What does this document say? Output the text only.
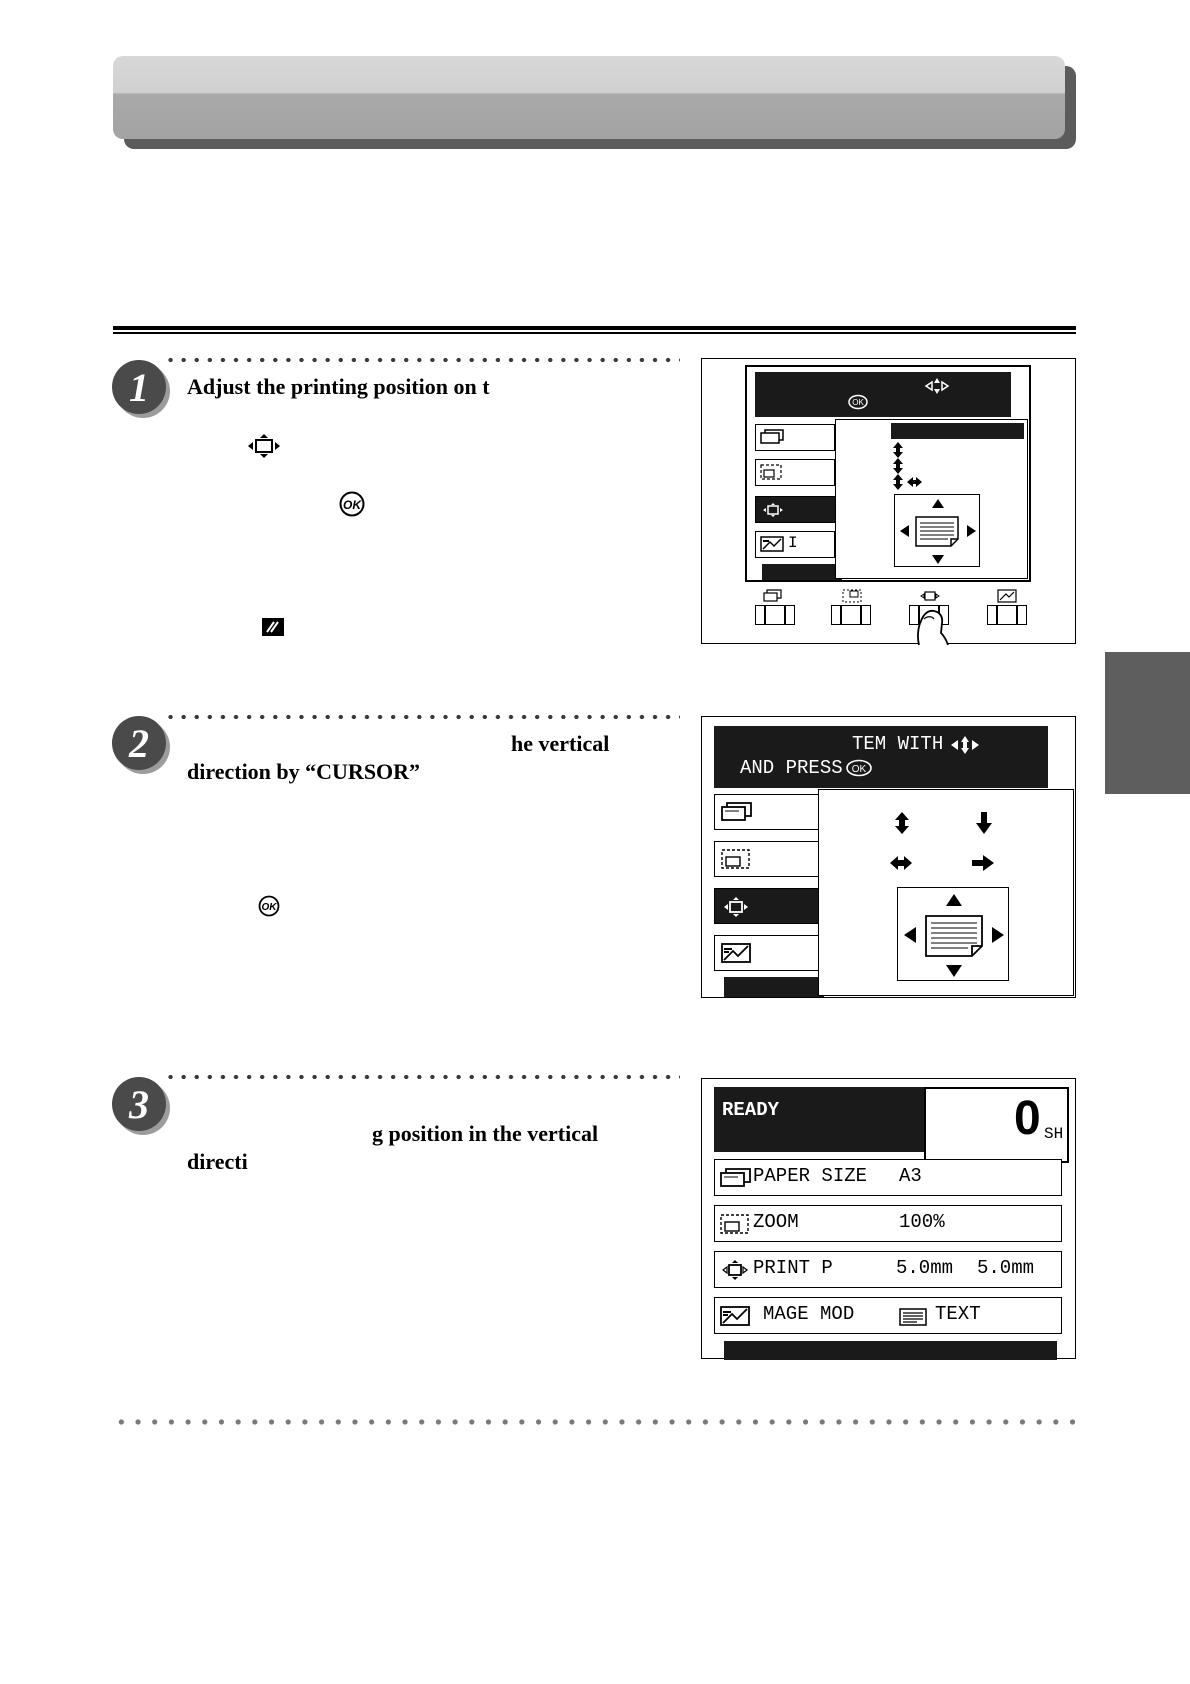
1 Adjust the printing position on t
OK
OK
I
2	he vertical
direction by “CURSOR”
OK
TEM WITH
AND PRESS OK
3
g position in the vertical
directi
READY	0 SH
PAPER SIZE A3
ZOOM	100%
PRINT P	5.0mm 5.0mm
MAGE MOD	TEXT
